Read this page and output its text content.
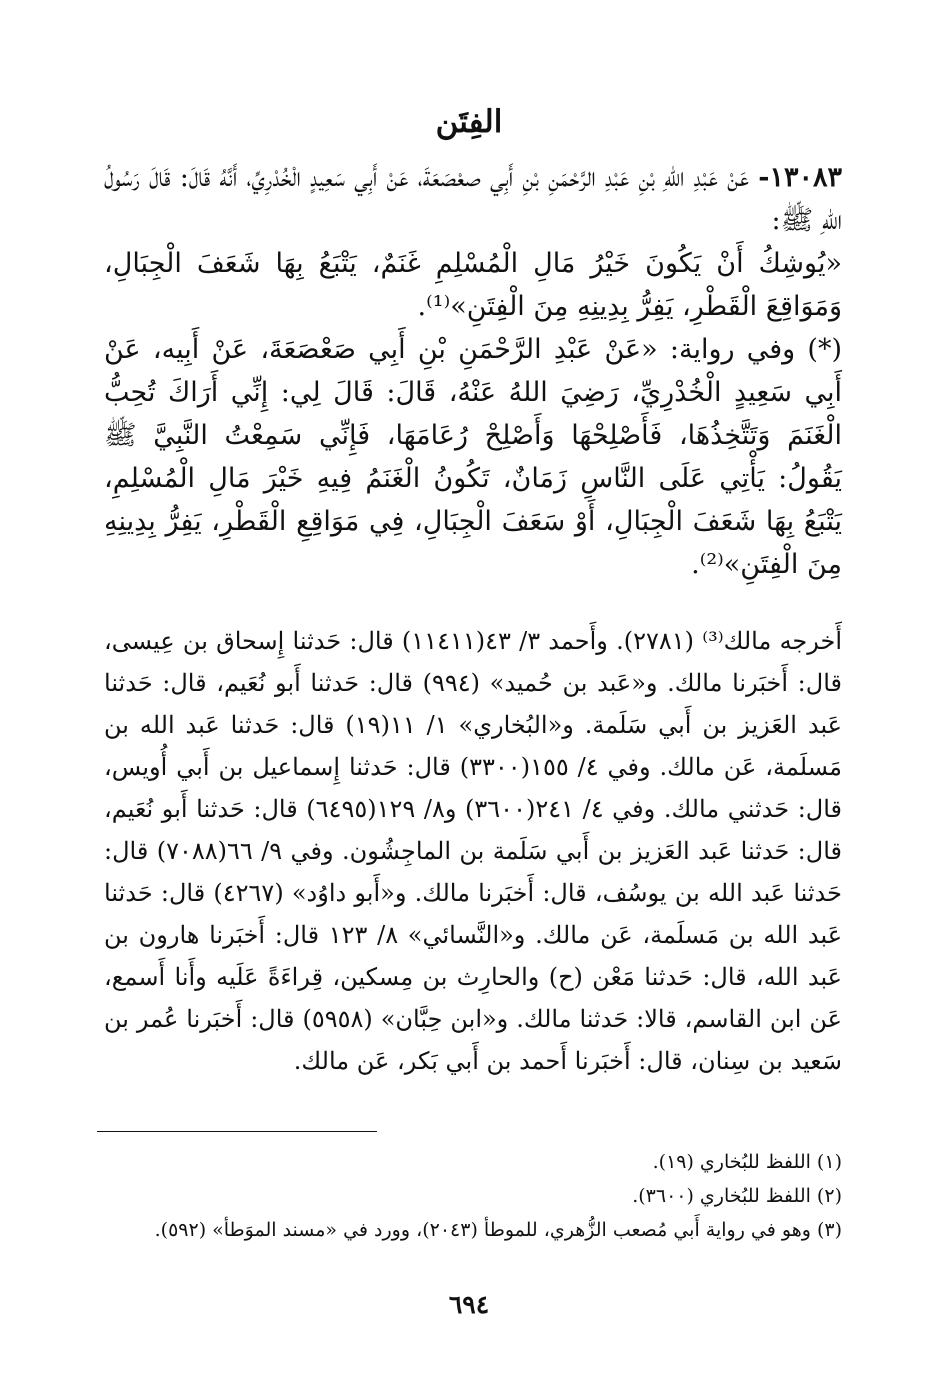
الفِتَن

١٣٠٨٣- عَنْ عَبْدِ اللهِ بْنِ عَبْدِ الرَّحْمَنِ بْنِ أَبِي صعْصَعَةَ، عَنْ أَبِي سَعِيدٍ الْخُدْرِيِّ، أَنَّهُ قَالَ: قَالَ رَسُولُ اللهِ ﷺ:

«يُوشِكُ أَنْ يَكُونَ خَيْرُ مَالِ الْمُسْلِمِ غَنَمٌ، يَتْبَعُ بِهَا شَعَفَ الْجِبَالِ، وَمَوَاقِعَ الْقَطْرِ، يَفِرُّ بِدِينِهِ مِنَ الْفِتَنِ»⁽¹⁾.

(*) وفي رواية: «عَنْ عَبْدِ الرَّحْمَنِ بْنِ أَبِي صَعْصَعَةَ، عَنْ أَبِيه، عَنْ أَبِي سَعِيدٍ الْخُدْرِيِّ، رَضِيَ اللهُ عَنْهُ، قَالَ: قَالَ لِي: إِنِّي أَرَاكَ تُحِبُّ الْغَنَمَ وَتَتَّخِذُهَا، فَأَصْلِحْهَا وَأَصْلِحْ رُعَامَهَا، فَإِنِّي سَمِعْتُ النَّبِيَّ ﷺ يَقُولُ: يَأْتِي عَلَى النَّاسِ زَمَانٌ، تَكُونُ الْغَنَمُ فِيهِ خَيْرَ مَالِ الْمُسْلِمِ، يَتْبَعُ بِهَا شَعَفَ الْجِبَالِ، أَوْ سَعَفَ الْجِبَالِ، فِي مَوَاقِعِ الْقَطْرِ، يَفِرُّ بِدِينِهِ مِنَ الْفِتَنِ»⁽²⁾.

أَخرجه مالك⁽³⁾ (٢٧٨١). وأَحمد ٣/ ٤٣(١١٤١١) قال: حَدثنا إِسحاق بن عِيسى، قال: أَخبَرنا مالك. و«عَبد بن حُميد» (٩٩٤) قال: حَدثنا أَبو نُعَيم، قال: حَدثنا عَبد العَزيز بن أَبي سَلَمة. و«البُخاري» ١/ ١١(١٩) قال: حَدثنا عَبد الله بن مَسلَمة، عَن مالك. وفي ٤/ ١٥٥(٣٣٠٠) قال: حَدثنا إِسماعيل بن أَبي أُويس، قال: حَدثني مالك. وفي ٤/ ٢٤١(٣٦٠٠) و٨/ ١٢٩(٦٤٩٥) قال: حَدثنا أَبو نُعَيم، قال: حَدثنا عَبد العَزيز بن أَبي سَلَمة بن الماجِشُون. وفي ٩/ ٦٦(٧٠٨٨) قال: حَدثنا عَبد الله بن يوسُف، قال: أَخبَرنا مالك. و«أَبو داوُد» (٤٢٦٧) قال: حَدثنا عَبد الله بن مَسلَمة، عَن مالك. و«النَّسائي» ٨/ ١٢٣ قال: أَخبَرنا هارون بن عَبد الله، قال: حَدثنا مَعْن (ح) والحارِث بن مِسكين، قِراءَةً عَلَيه وأَنا أَسمع، عَن ابن القاسم، قالا: حَدثنا مالك. و«ابن حِبَّان» (٥٩٥٨) قال: أَخبَرنا عُمر بن سَعيد بن سِنان، قال: أَخبَرنا أَحمد بن أَبي بَكر، عَن مالك.

(١) اللفظ للبُخاري (١٩).

(٢) اللفظ للبُخاري (٣٦٠٠).

(٣) وهو في رواية أَبي مُصعب الزُّهري، للموطأ (٢٠٤٣)، وورد في «مسند الموَطأ» (٥٩٢).

٦٩٤
